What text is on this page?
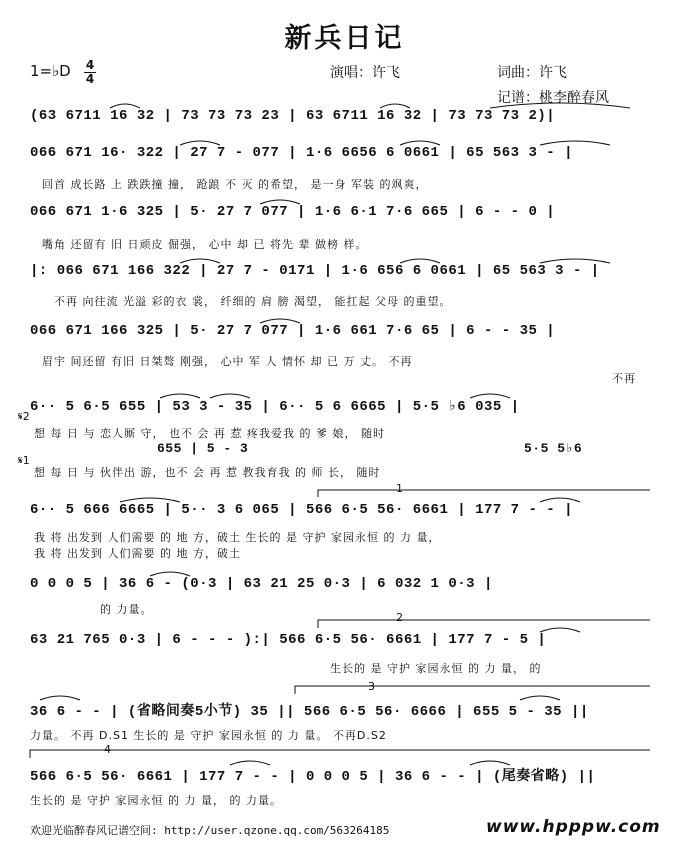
新兵日记
1=♭D 4
4	演唱：许飞	词曲：许飞
记谱：桃李醉春风
(63 6711 16 32 | 73 73 73 23 | 63 6711 16 32 | 73 73 73 2)|
066 671 16· 322 | 27 7 - 077 | 1·6 6656 6 0661 | 65 563 3 - |
回首 成长路 上 跌跌撞 撞， 跄踉 不 灭 的希望， 是一身 军装 的飒爽，
066 671 1·6 325 | 5· 27 7 077 | 1·6 6·1 7·6 665 | 6 - - 0 |
嘴角 还留有 旧 日顽皮 倔强， 心中 却 已 将先 辈 做榜 样。
|: 066 671 166 322 | 27 7 - 0171 | 1·6 656 6 0661 | 65 563 3 - |
不再 向往流 光溢 彩的衣 裳， 纤细的 肩 膀 渴望， 能扛起 父母 的重望。
066 671 166 325 | 5· 27 7 077 | 1·6 661 7·6 65 | 6 - - 35 |
眉宇 间还留 有旧 日桀骜 刚强， 心中 军 人 情怀 却 已 万 丈。 不再
不再
𝄋2
6·· 5 6·5 655 | 53 3 - 35 | 6·· 5 6 6665 | 5·5 ♭6 035 |
想 每 日 与 恋人厮 守， 也不 会 再 惹 疼我爱我 的 爹 娘， 随时
655 | 5 - 3	5·5 5♭6
𝄋1
想 每 日 与 伙伴出 游，也不 会 再 惹 教我育我 的 师 长， 随时
1
6·· 5 666 6665 | 5·· 3 6 065 | 566 6·5 56· 6661 | 177 7 - - |
我 将 出发到 人们需要 的 地 方，破土 生长的 是 守护 家园永恒 的 力 量，
我 将 出发到 人们需要 的 地 方，破土
0 0 0 5 | 36 6 - (0·3 | 63 21 25 0·3 | 6 032 1 0·3 |
的 力量。
2
63 21 765 0·3 | 6 - - - ):| 566 6·5 56· 6661 | 177 7 - 5 |
生长的 是 守护 家园永恒 的 力 量， 的
3
36 6 - - | (省略间奏5小节) 35 || 566 6·5 56· 6666 | 655 5 - 35 ||
力量。 不再 D.S1 生长的 是 守护 家园永恒 的 力 量。 不再D.S2
4
566 6·5 56· 6661 | 177 7 - - | 0 0 0 5 | 36 6 - - | (尾奏省略) ||
生长的 是 守护 家园永恒 的 力 量， 的 力量。
欢迎光临醉春风记谱空间: http://user.qzone.qq.com/563264185	www.hpppw.com
